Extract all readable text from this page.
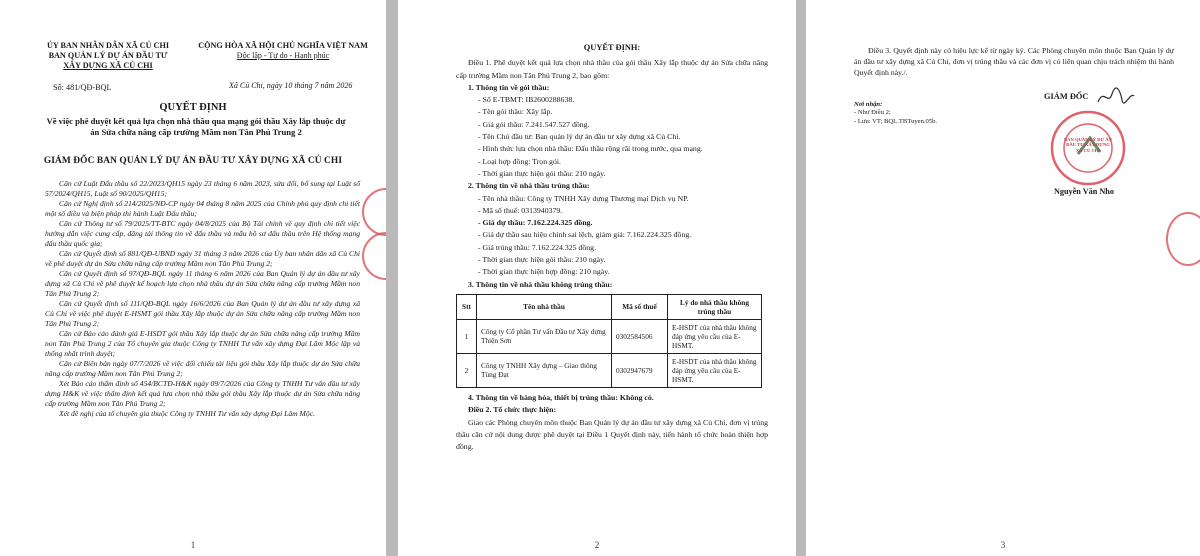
ỦY BAN NHÂN DÂN XÃ CỦ CHI
BAN QUẢN LÝ DỰ ÁN ĐẦU TƯ
XÂY DỰNG XÃ CỦ CHI
CỘNG HÒA XÃ HỘI CHỦ NGHĨA VIỆT NAM
Độc lập - Tự do - Hạnh phúc
Số: 481/QĐ-BQL	Xã Củ Chi, ngày 10 tháng 7 năm 2026
QUYẾT ĐỊNH
Về việc phê duyệt kết quả lựa chọn nhà thầu qua mạng gói thầu Xây lắp thuộc dự án Sửa chữa nâng cấp trường Mầm non Tân Phú Trung 2
GIÁM ĐỐC BAN QUẢN LÝ DỰ ÁN ĐẦU TƯ XÂY DỰNG XÃ CỦ CHI

Căn cứ Luật Đấu thầu số 22/2023/QH15 ngày 23 tháng 6 năm 2023, sửa đổi, bổ sung tại Luật số 57/2024/QH15, Luật số 90/2025/QH15;

Căn cứ Nghị định số 214/2025/NĐ-CP ngày 04 tháng 8 năm 2025 của Chính phủ quy định chi tiết một số điều và biện pháp thi hành Luật Đấu thầu;

Căn cứ Thông tư số 79/2025/TT-BTC ngày 04/8/2025 của Bộ Tài chính về quy định chi tiết việc hướng dẫn việc cung cấp, đăng tải thông tin về đấu thầu và mẫu hồ sơ đấu thầu trên Hệ thống mạng đấu thầu quốc gia;

Căn cứ Quyết định số 881/QĐ-UBND ngày 31 tháng 3 năm 2026 của Ủy ban nhân dân xã Củ Chi về phê duyệt dự án Sửa chữa nâng cấp trường Mầm non Tân Phú Trung 2;

Căn cứ Quyết định số 97/QĐ-BQL ngày 11 tháng 6 năm 2026 của Ban Quản lý dự án đầu tư xây dựng xã Củ Chi về phê duyệt kế hoạch lựa chọn nhà thầu dự án Sửa chữa nâng cấp trường Mầm non Tân Phú Trung 2;

Căn cứ Quyết định số 111/QĐ-BQL ngày 16/6/2026 của Ban Quản lý dự án đầu tư xây dựng xã Củ Chi về việc phê duyệt E-HSMT gói thầu Xây lắp thuộc dự án Sửa chữa nâng cấp trường Mầm non Tân Phú Trung 2;

Căn cứ Báo cáo đánh giá E-HSDT gói thầu Xây lắp thuộc dự án Sửa chữa nâng cấp trường Mầm non Tân Phú Trung 2 của Tổ chuyên gia thuộc Công ty TNHH Tư vấn xây dựng Đại Lâm Mộc lập và thống nhất trình duyệt;

Căn cứ Biên bản ngày 07/7/2026 về việc đối chiếu tài liệu gói thầu Xây lắp thuộc dự án Sửa chữa nâng cấp trường Mầm non Tân Phú Trung 2;

Xét Báo cáo thẩm định số 454/BCTĐ-H&K ngày 09/7/2026 của Công ty TNHH Tư vấn đầu tư xây dựng H&K về việc thẩm định kết quả lựa chọn nhà thầu gói thầu Xây lắp thuộc dự án Sửa chữa nâng cấp trường Mầm non Tân Phú Trung 2;

Xét đề nghị của tổ chuyên gia thuộc Công ty TNHH Tư vấn xây dựng Đại Lâm Mộc.

1
QUYẾT ĐỊNH:
Điều 1. Phê duyệt kết quả lựa chọn nhà thầu của gói thầu Xây lắp thuộc dự án Sửa chữa nâng cấp trường Mầm non Tân Phú Trung 2, bao gồm:
1. Thông tin về gói thầu:
- Số E-TBMT: IB2600288638.
- Tên gói thầu: Xây lắp.
- Giá gói thầu: 7.241.547.527 đồng.
- Tên Chủ đầu tư: Ban quản lý dự án đầu tư xây dựng xã Củ Chi.
- Hình thức lựa chọn nhà thầu: Đấu thầu rộng rãi trong nước, qua mạng.
- Loại hợp đồng: Trọn gói.
- Thời gian thực hiện gói thầu: 210 ngày.
2. Thông tin về nhà thầu trúng thầu:
- Tên nhà thầu: Công ty TNHH Xây dựng Thương mại Dịch vụ NP.
- Mã số thuế: 0313940379.
- Giá dự thầu: 7.162.224.325 đồng.
- Giá dự thầu sau hiệu chỉnh sai lệch, giảm giá: 7.162.224.325 đồng.
- Giá trúng thầu: 7.162.224.325 đồng.
- Thời gian thực hiện gói thầu: 210 ngày.
- Thời gian thực hiện hợp đồng: 210 ngày.
3. Thông tin về nhà thầu không trúng thầu:
Stt	Tên nhà thầu	Mã số thuế	Lý do nhà thầu không trúng thầu
1	Công ty Cổ phần Tư vấn Đầu tư Xây dựng Thiện Sơn	0302584506	E-HSDT của nhà thầu không đáp ứng yêu cầu của E-HSMT.
2	Công ty TNHH Xây dựng – Giao thông Tùng Đạt	0302947679	E-HSDT của nhà thầu không đáp ứng yêu cầu của E-HSMT.
4. Thông tin về hàng hóa, thiết bị trúng thầu: Không có.
Điều 2. Tổ chức thực hiện:
Giao các Phòng chuyên môn thuộc Ban Quản lý dự án đầu tư xây dựng xã Củ Chi, đơn vị trúng thầu căn cứ nội dung được phê duyệt tại Điều 1 Quyết định này, tiến hành tổ chức hoàn thiện hợp đồng.
2
Điều 3. Quyết định này có hiệu lực kể từ ngày ký. Các Phòng chuyên môn thuộc Ban Quản lý dự án đầu tư xây dựng xã Củ Chi, đơn vị trúng thầu và các đơn vị có liên quan chịu trách nhiệm thi hành Quyết định này./.
Nơi nhận:
- Như Điều 2;
- Lưu: VT; BQL.TBTuyen.05b.
GIÁM ĐỐC
BAN QUẢN LÝ DỰ ÁN ĐẦU TƯ XÂY DỰNG
XÃ CỦ CHI
Nguyễn Văn Nho
3
